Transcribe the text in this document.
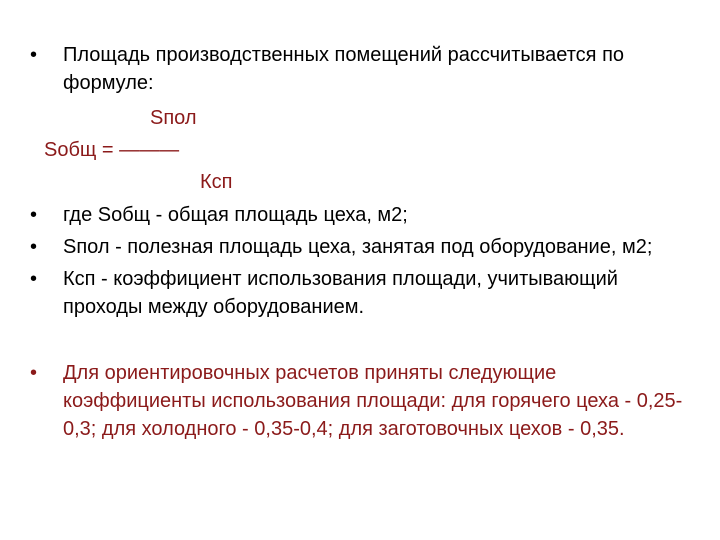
•	Площадь производственных помещений рассчитывается по формуле:
Sпол
Sобщ = ———
Ксп
•	где Sобщ - общая площадь цеха, м2;
•	Sпол - полезная площадь цеха, занятая под оборудование, м2;
•	Ксп - коэффициент использования площади, учитывающий проходы между оборудованием.
•	Для ориентировочных расчетов приняты следующие коэффициенты использования площади: для горячего цеха - 0,25-0,3; для холодного - 0,35-0,4; для заготовочных цехов - 0,35.
